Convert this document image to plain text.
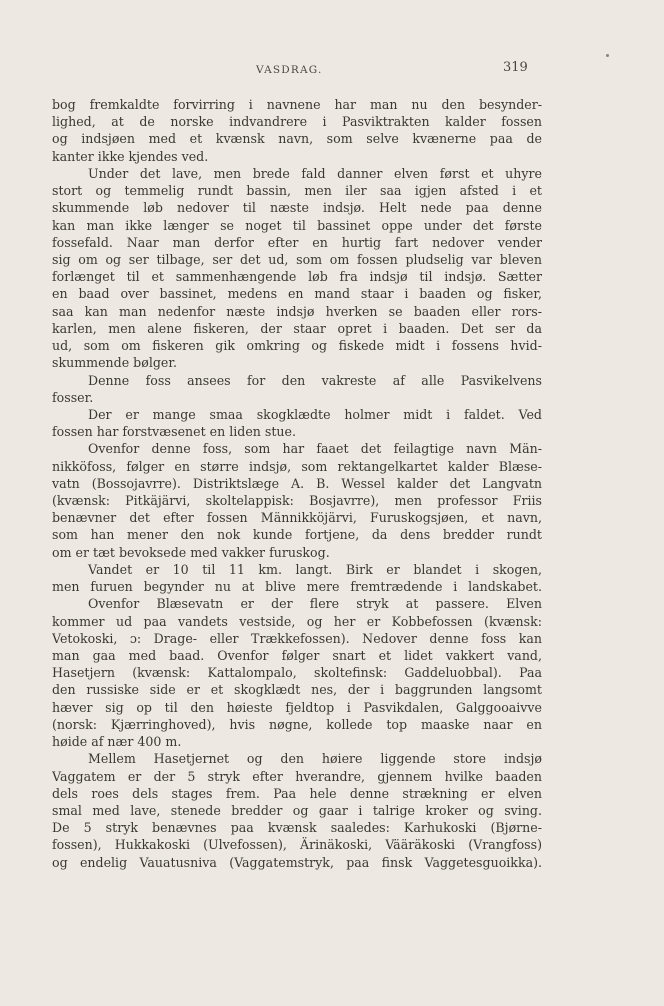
VASDRAG.	319
bog fremkaldte forvirring i navnene har man nu den besynder-
lighed, at de norske indvandrere i Pasviktrakten kalder fossen
og indsjøen med et kvænsk navn, som selve kvænerne paa de
kanter ikke kjendes ved.
Under det lave, men brede fald danner elven først et uhyre
stort og temmelig rundt bassin, men iler saa igjen afsted i et
skummende løb nedover til næste indsjø. Helt nede paa denne
kan man ikke længer se noget til bassinet oppe under det første
fossefald. Naar man derfor efter en hurtig fart nedover vender
sig om og ser tilbage, ser det ud, som om fossen pludselig var bleven
forlænget til et sammenhængende løb fra indsjø til indsjø. Sætter
en baad over bassinet, medens en mand staar i baaden og fisker,
saa kan man nedenfor næste indsjø hverken se baaden eller rors-
karlen, men alene fiskeren, der staar opret i baaden. Det ser da
ud, som om fiskeren gik omkring og fiskede midt i fossens hvid-
skummende bølger.
Denne foss ansees for den vakreste af alle Pasvikelvens
fosser.
Der er mange smaa skogklædte holmer midt i faldet. Ved
fossen har forstvæsenet en liden stue.
Ovenfor denne foss, som har faaet det feilagtige navn Män-
nikköfoss, følger en større indsjø, som rektangelkartet kalder Blæse-
vatn (Bossojavrre). Distriktslæge A. B. Wessel kalder det Langvatn
(kvænsk: Pitkäjärvi, skoltelappisk: Bosjavrre), men professor Friis
benævner det efter fossen Männikköjärvi, Furuskogsjøen, et navn,
som han mener den nok kunde fortjene, da dens bredder rundt
om er tæt bevoksede med vakker furuskog.
Vandet er 10 til 11 km. langt. Birk er blandet i skogen,
men furuen begynder nu at blive mere fremtrædende i landskabet.
Ovenfor Blæsevatn er der flere stryk at passere. Elven
kommer ud paa vandets vestside, og her er Kobbefossen (kvænsk:
Vetokoski, ɔ: Drage- eller Trækkefossen). Nedover denne foss kan
man gaa med baad. Ovenfor følger snart et lidet vakkert vand,
Hasetjern (kvænsk: Kattalompalo, skoltefinsk: Gaddeluobbal). Paa
den russiske side er et skogklædt nes, der i baggrunden langsomt
hæver sig op til den høieste fjeldtop i Pasvikdalen, Galggooaivve
(norsk: Kjærringhoved), hvis nøgne, kollede top maaske naar en
høide af nær 400 m.
Mellem Hasetjernet og den høiere liggende store indsjø
Vaggatem er der 5 stryk efter hverandre, gjennem hvilke baaden
dels roes dels stages frem. Paa hele denne strækning er elven
smal med lave, stenede bredder og gaar i talrige kroker og sving.
De 5 stryk benævnes paa kvænsk saaledes: Karhukoski (Bjørne-
fossen), Hukkakoski (Ulvefossen), Ärinäkoski, Vääräkoski (Vrangfoss)
og endelig Vauatusniva (Vaggatemstryk, paa finsk Vaggetesguoikka).
